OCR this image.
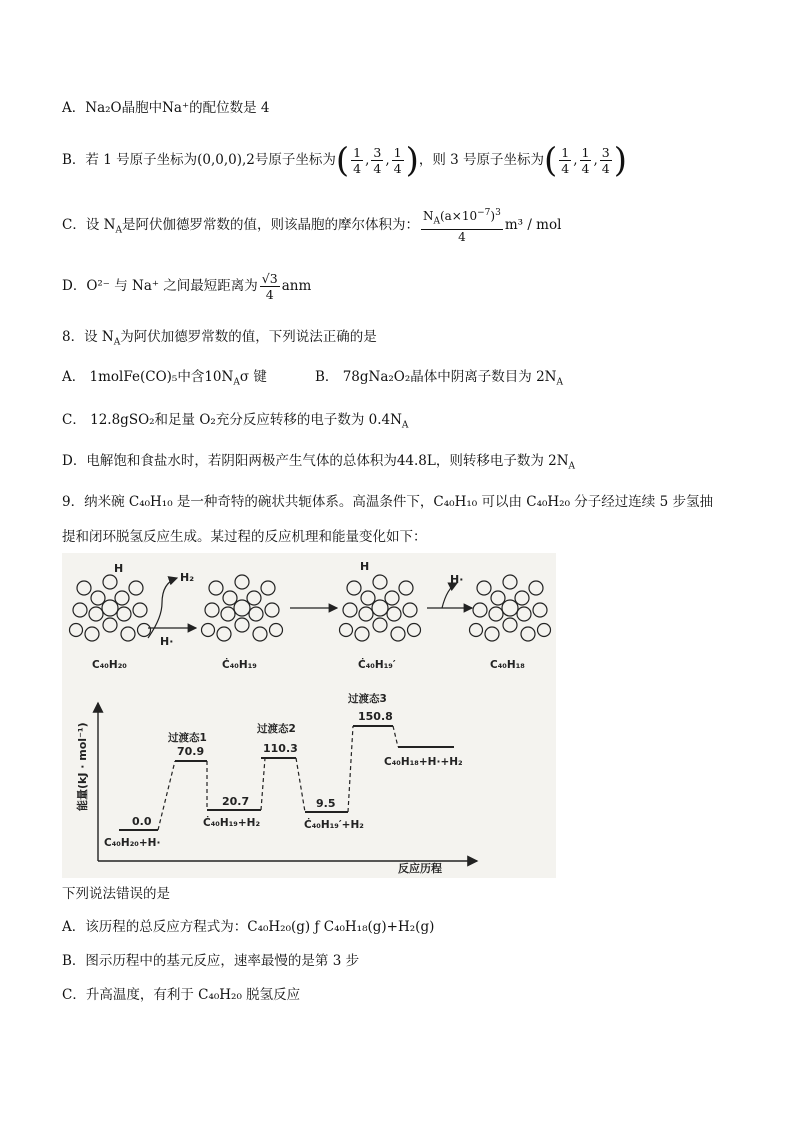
A．Na₂O晶胞中Na⁺的配位数是 4
B．若 1 号原子坐标为(0,0,0),2号原子坐标为( $\frac{1}{4}$ , $\frac{3}{4}$ , $\frac{1}{4}$ )，则 3 号原子坐标为( $\frac{1}{4}$ , $\frac{1}{4}$ , $\frac{3}{4}$ )
C．设 $N_A$是阿伏伽德罗常数的值，则该晶胞的摩尔体积为： $\frac{N_A(a\times 10^{-7})^3}{4} m^3$ / mol
D．O²⁻ 与 Na⁺ 之间最短距离为 $\frac{√3}{4}$ anm
8．设 $N_A$为阿伏加德罗常数的值，下列说法正确的是
A． 1molFe(CO)₅中含$10N_A\sigma$ 键	B． 78gNa₂O₂晶体中阴离子数目为 $2N_A$
C． 12.8gSO₂和足量 O₂充分反应转移的电子数为 $0.4N_A$
D．电解饱和食盐水时，若阴阳两极产生气体的总体积为44.8L，则转移电子数为 $2N_A$
9．纳米碗 C₄₀H₁₀ 是一种奇特的碗状共轭体系。高温条件下，C₄₀H₁₀ 可以由 C₄₀H₂₀ 分子经过连续 5 步氢抽
提和闭环脱氢反应生成。某过程的反应机理和能量变化如下：
H	H
C₄₀H₂₀	Ċ₄₀H₁₉	Ċ₄₀H₁₉′	C₄₀H₁₈
H₂
H·
H·
能量(kJ · mol⁻¹)
反应历程
0.0
C₄₀H₂₀+H·
70.9
过渡态1
20.7
Ċ₄₀H₁₉+H₂
110.3
过渡态2
9.5
Ċ₄₀H₁₉′+H₂
150.8
过渡态3
C₄₀H₁₈+H·+H₂
下列说法错误的是
A．该历程的总反应方程式为：C₄₀H₂₀(g) ƒ C₄₀H₁₈(g)+H₂(g)
B．图示历程中的基元反应，速率最慢的是第 3 步
C．升高温度，有利于 C₄₀H₂₀ 脱氢反应
